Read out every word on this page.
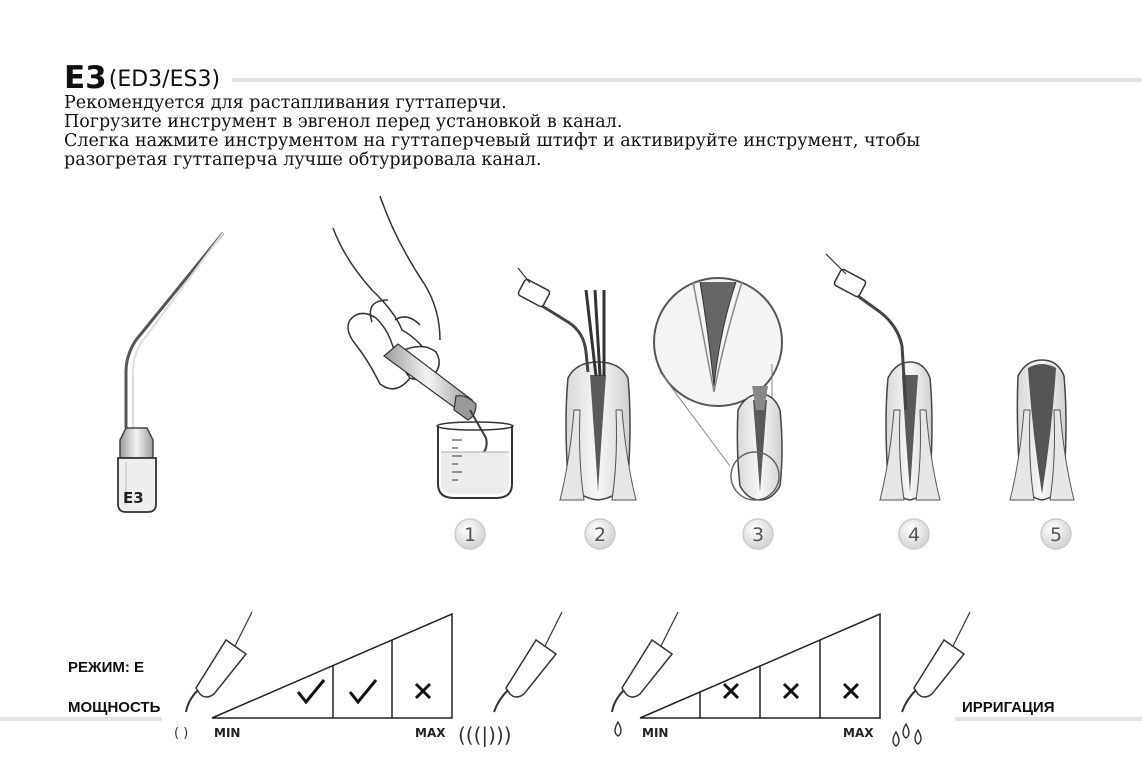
E3 (ED3/ES3)
Рекомендуется для растапливания гуттаперчи.
Погрузите инструмент в эвгенол перед установкой в канал.
Слегка нажмите инструментом на гуттаперчевый штифт и активируйте инструмент, чтобы
разогретая гуттаперча лучше обтурировала канал.
E3
1	2	3	4	5
РЕЖИМ: E
МОЩНОСТЬ	ИРРИГАЦИЯ
( )	(((|)))
MIN	MAX	MIN	MAX
